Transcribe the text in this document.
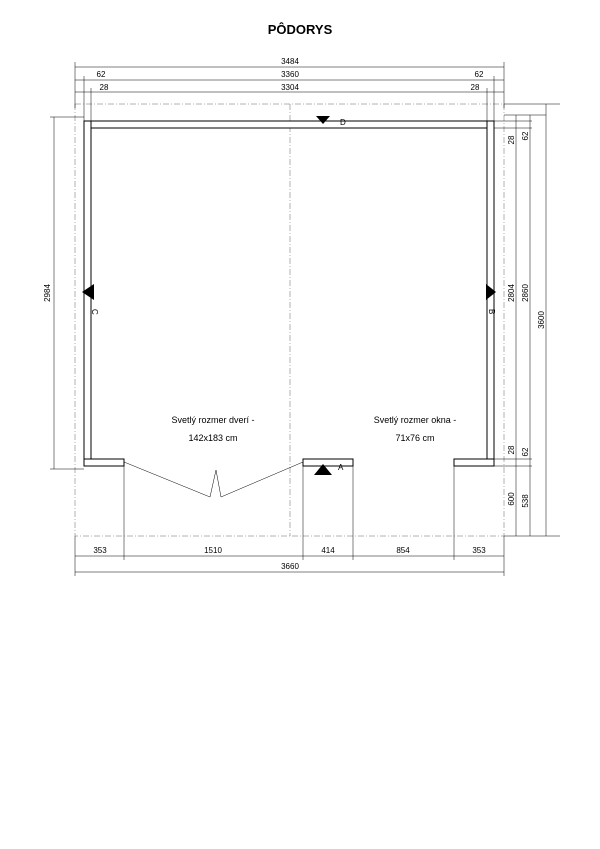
PÔDORYS
D
A
B
C
Svetlý rozmer dverí -
142x183 cm
Svetlý rozmer okna -
71x76 cm
3484
62	3360	62
28	3304	28
2984
28
2804
28
600
62
2860
62
538
3600
353	1510	414	854	353
3660
